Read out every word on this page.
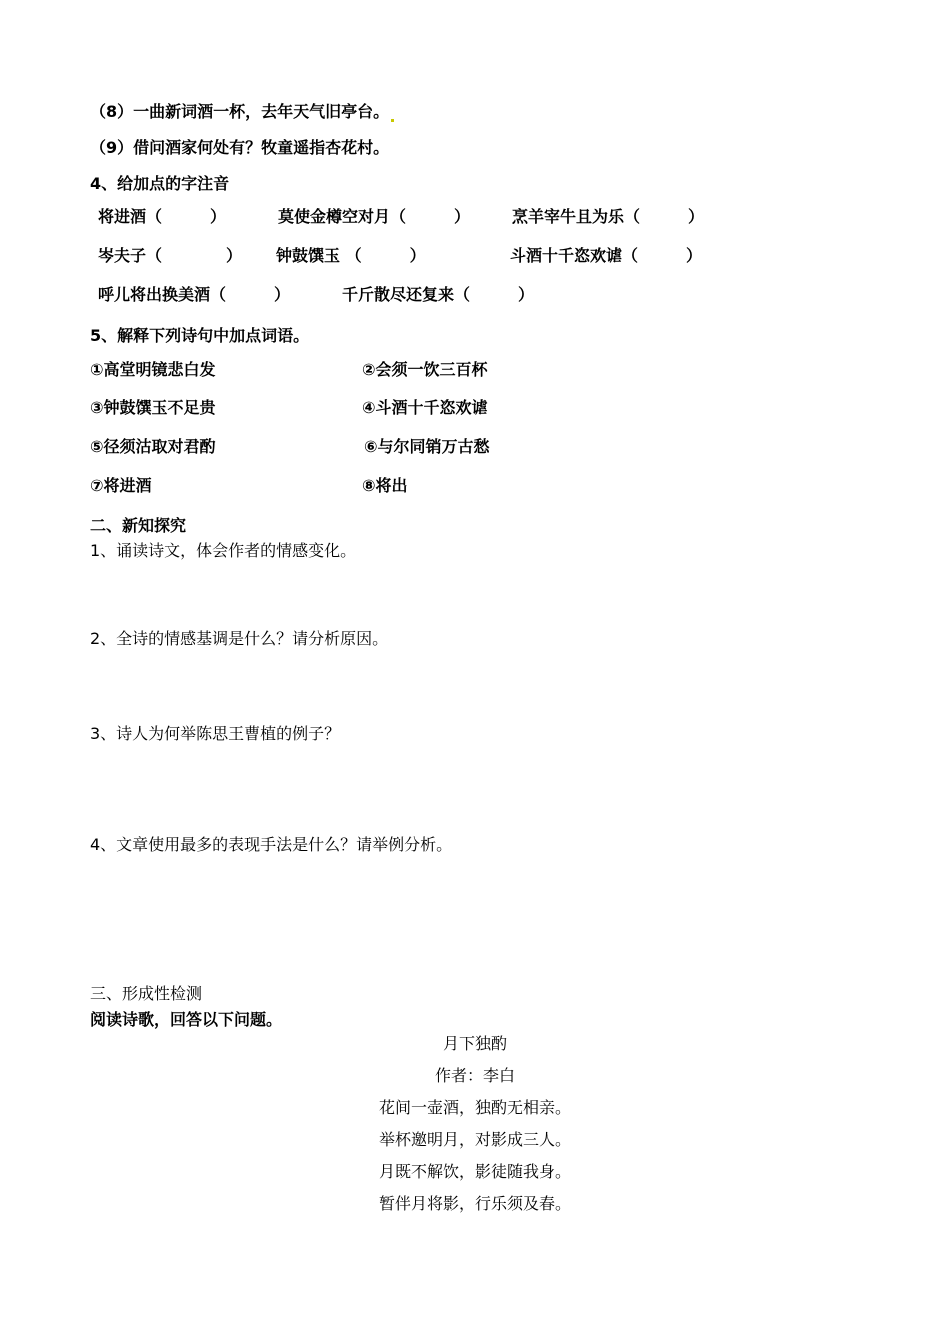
（8）一曲新词酒一杯，去年天气旧亭台。
（9）借问酒家何处有？牧童遥指杏花村。
4、给加点的字注音
将进酒（　　　）	莫使金樽空对月（　　　）	烹羊宰牛且为乐（　　　）
岑夫子（　　　　） 钟鼓馔玉 （　　　）	斗酒十千恣欢谑（　　　）
呼儿将出换美酒（　　　）	千斤散尽还复来（　　　）
5、解释下列诗句中加点词语。
①高堂明镜悲白发	②会须一饮三百杯
③钟鼓馔玉不足贵	④斗酒十千恣欢谑
⑤径须沽取对君酌	⑥与尔同销万古愁
⑦将进酒	⑧将出
二、新知探究
1、诵读诗文，体会作者的情感变化。
2、全诗的情感基调是什么？请分析原因。
3、诗人为何举陈思王曹植的例子？
4、文章使用最多的表现手法是什么？请举例分析。
三、形成性检测
阅读诗歌，回答以下问题。
月下独酌
作者：李白
花间一壶酒，独酌无相亲。
举杯邀明月，对影成三人。
月既不解饮，影徒随我身。
暂伴月将影，行乐须及春。
